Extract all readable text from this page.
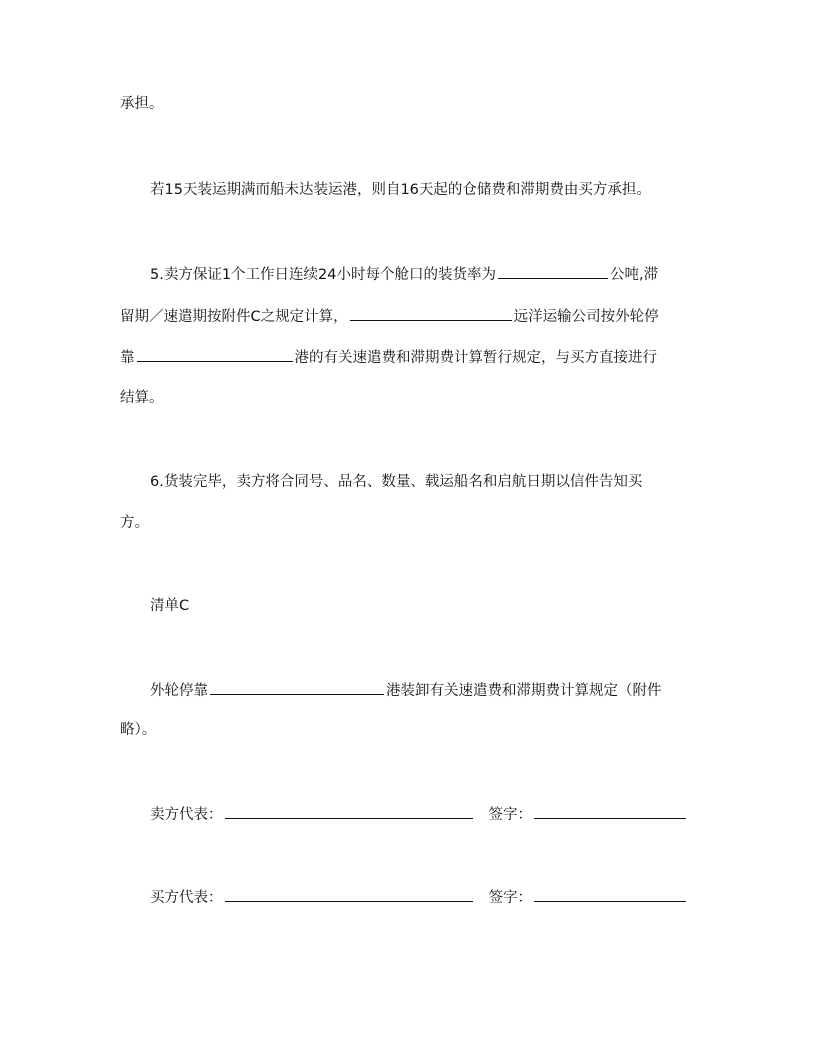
承担。
若15天装运期满而船未达装运港，则自16天起的仓储费和滞期费由买方承担。
5.卖方保证1个工作日连续24小时每个舱口的装货率为	公吨,滞
留期／速遣期按附件C之规定计算，	远洋运输公司按外轮停
靠	港的有关速遣费和滞期费计算暂行规定，与买方直接进行
结算。
6.货装完毕，卖方将合同号、品名、数量、载运船名和启航日期以信件告知买
方。
清单C
外轮停靠	港装卸有关速遣费和滞期费计算规定（附件
略）。
卖方代表：	签字：
买方代表：	签字：
